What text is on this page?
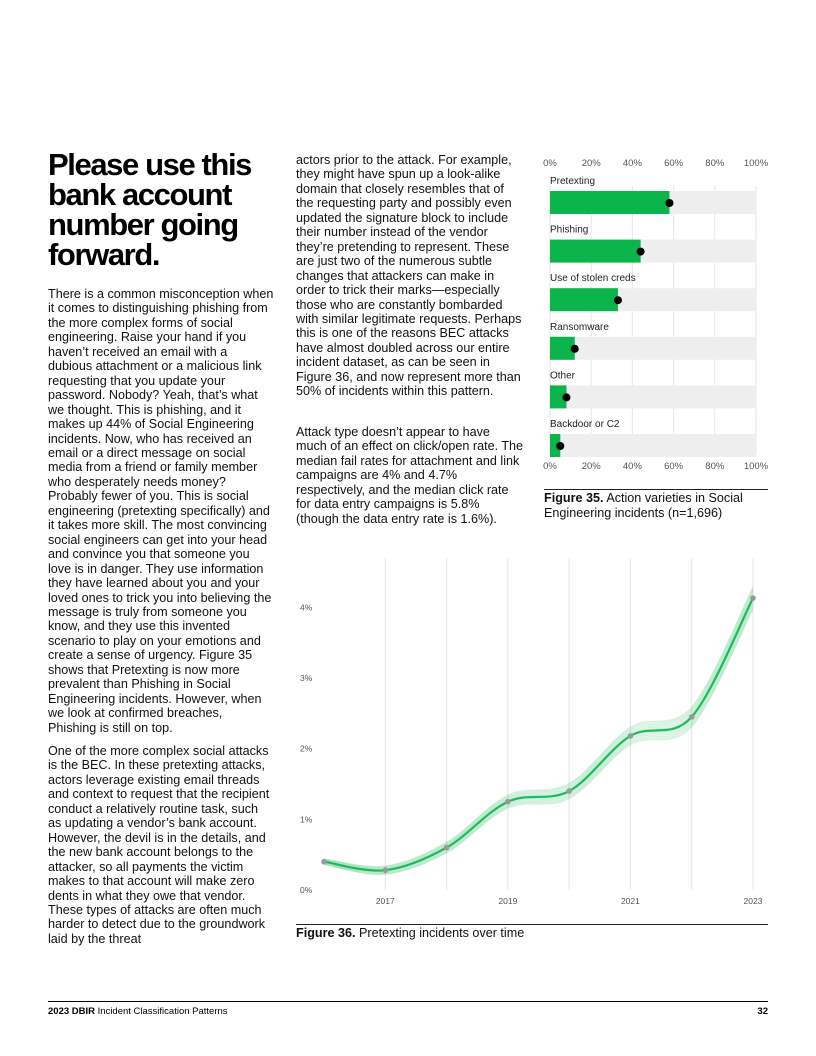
Please use this bank account number going forward.

There is a common misconception when it comes to distinguishing phishing from the more complex forms of social engineering. Raise your hand if you haven’t received an email with a dubious attachment or a malicious link requesting that you update your password. Nobody? Yeah, that’s what we thought. This is phishing, and it makes up 44% of Social Engineering incidents. Now, who has received an email or a direct message on social media from a friend or family member who desperately needs money? Probably fewer of you. This is social engineering (pretexting specifically) and it takes more skill. The most convincing social engineers can get into your head and convince you that someone you love is in danger. They use information they have learned about you and your loved ones to trick you into believing the message is truly from someone you know, and they use this invented scenario to play on your emotions and create a sense of urgency. Figure 35 shows that Pretexting is now more prevalent than Phishing in Social Engineering incidents. However, when we look at confirmed breaches, Phishing is still on top.

One of the more complex social attacks is the BEC. In these pretexting attacks, actors leverage existing email threads and context to request that the recipient conduct a relatively routine task, such as updating a vendor’s bank account. However, the devil is in the details, and the new bank account belongs to the attacker, so all payments the victim makes to that account will make zero dents in what they owe that vendor. These types of attacks are often much harder to detect due to the groundwork laid by the threat

actors prior to the attack. For example, they might have spun up a look-alike domain that closely resembles that of the requesting party and possibly even updated the signature block to include their number instead of the vendor they’re pretending to represent. These are just two of the numerous subtle changes that attackers can make in order to trick their marks—especially those who are constantly bombarded with similar legitimate requests. Perhaps this is one of the reasons BEC attacks have almost doubled across our entire incident dataset, as can be seen in Figure 36, and now represent more than 50% of incidents within this pattern.

Attack type doesn’t appear to have much of an effect on click/open rate. The median fail rates for attachment and link campaigns are 4% and 4.7% respectively, and the median click rate for data entry campaigns is 5.8% (though the data entry rate is 1.6%).

0%
0%
20%
20%
40%
40%
60%
60%
80%
80%
100%
100%
Pretexting
Phishing
Use of stolen creds
Ransomware
Other
Backdoor or C2
Figure 35. Action varieties in Social Engineering incidents (n=1,696)
0%
1%
2%
3%
4%
2017	2019	2021	2023
Figure 36. Pretexting incidents over time
2023 DBIR Incident Classification Patterns	32
